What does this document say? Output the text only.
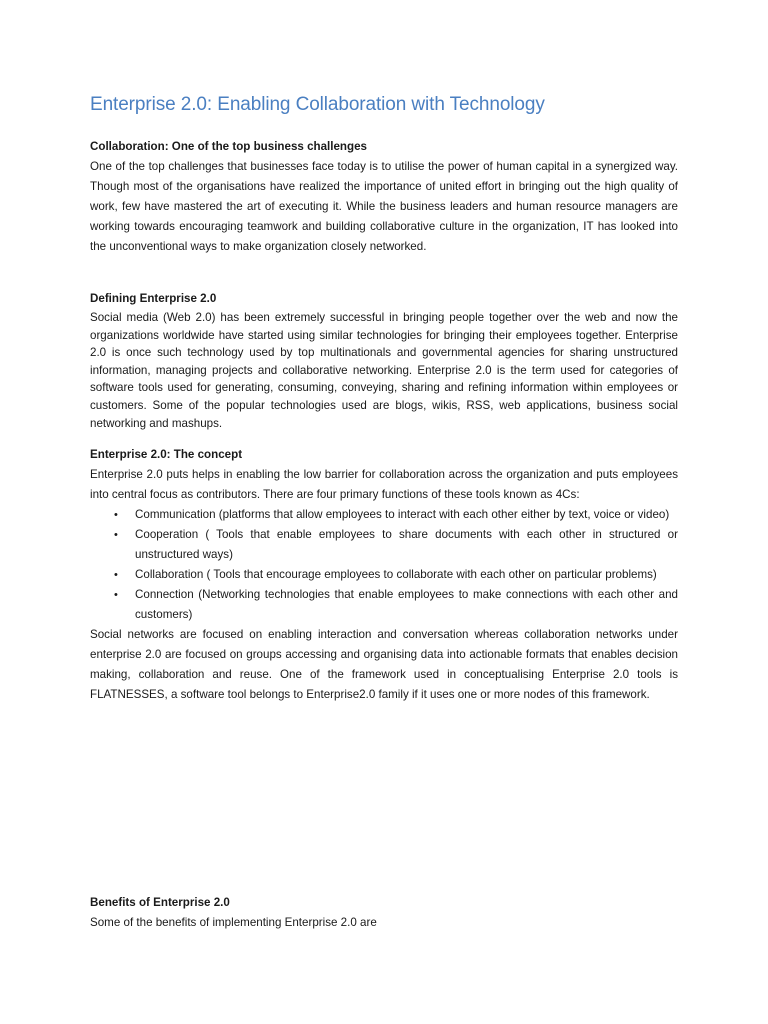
Enterprise 2.0: Enabling Collaboration with Technology

Collaboration: One of the top business challenges

One of the top challenges that businesses face today is to utilise the power of human capital in a synergized way. Though most of the organisations have realized the importance of united effort in bringing out the high quality of work, few have mastered the art of executing it. While the business leaders and human resource managers are working towards encouraging teamwork and building collaborative culture in the organization, IT has looked into the unconventional ways to make organization closely networked.

Defining Enterprise 2.0

Social media (Web 2.0) has been extremely successful in bringing people together over the web and now the organizations worldwide have started using similar technologies for bringing their employees together. Enterprise 2.0 is once such technology used by top multinationals and governmental agencies for sharing unstructured information, managing projects and collaborative networking. Enterprise 2.0 is the term used for categories of software tools used for generating, consuming, conveying, sharing and refining information within employees or customers. Some of the popular technologies used are blogs, wikis, RSS, web applications, business social networking and mashups.

Enterprise 2.0: The concept

Enterprise 2.0 puts helps in enabling the low barrier for collaboration across the organization and puts employees into central focus as contributors. There are four primary functions of these tools known as 4Cs:

• Communication (platforms that allow employees to interact with each other either by text, voice or video)
• Cooperation ( Tools that enable employees to share documents with each other in structured or unstructured ways)
• Collaboration ( Tools that encourage employees to collaborate with each other on particular problems)
• Connection (Networking technologies that enable employees to make connections with each other and customers)

Social networks are focused on enabling interaction and conversation whereas collaboration networks under enterprise 2.0 are focused on groups accessing and organising data into actionable formats that enables decision making, collaboration and reuse. One of the framework used in conceptualising Enterprise 2.0 tools is FLATNESSES, a software tool belongs to Enterprise2.0 family if it uses one or more nodes of this framework.

Benefits of Enterprise 2.0

Some of the benefits of implementing Enterprise 2.0 are
